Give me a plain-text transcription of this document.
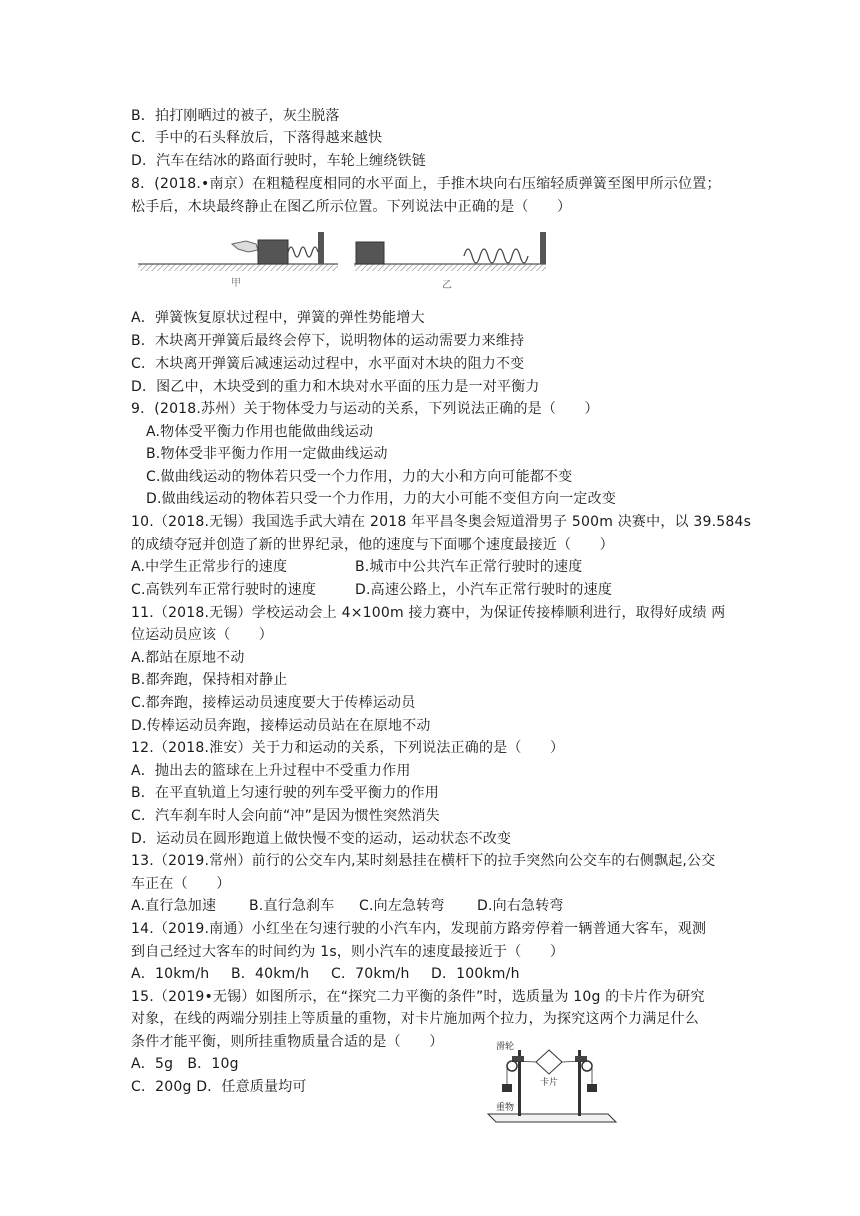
B．拍打刚晒过的被子，灰尘脱落
C．手中的石头释放后，下落得越来越快
D．汽车在结冰的路面行驶时，车轮上缠绕铁链
8．(2018.•南京）在粗糙程度相同的水平面上，手推木块向右压缩轻质弹簧至图甲所示位置；
松手后，木块最终静止在图乙所示位置。下列说法中正确的是（　　）
甲	乙
A．弹簧恢复原状过程中，弹簧的弹性势能增大
B．木块离开弹簧后最终会停下，说明物体的运动需要力来维持
C．木块离开弹簧后减速运动过程中，水平面对木块的阻力不变
D．图乙中，木块受到的重力和木块对水平面的压力是一对平衡力
9．(2018.苏州）关于物体受力与运动的关系，下列说法正确的是（　　）
A.物体受平衡力作用也能做曲线运动
B.物体受非平衡力作用一定做曲线运动
C.做曲线运动的物体若只受一个力作用，力的大小和方向可能都不变
D.做曲线运动的物体若只受一个力作用，力的大小可能不变但方向一定改变
10.（2018.无锡）我国选手武大靖在 2018 年平昌冬奥会短道滑男子 500m 决赛中，以 39.584s
的成绩夺冠并创造了新的世界纪录，他的速度与下面哪个速度最接近（　　）
A.中学生正常步行的速度	B.城市中公共汽车正常行驶时的速度
C.高铁列车正常行驶时的速度	D.高速公路上，小汽车正常行驶时的速度
11.（2018.无锡）学校运动会上 4×100m 接力赛中，为保证传接棒顺利进行，取得好成绩 两
位运动员应该（　　）
A.都站在原地不动
B.都奔跑，保持相对静止
C.都奔跑，接棒运动员速度要大于传棒运动员
D.传棒运动员奔跑，接棒运动员站在在原地不动
12.（2018.淮安）关于力和运动的关系，下列说法正确的是（　　）
A．抛出去的篮球在上升过程中不受重力作用
B．在平直轨道上匀速行驶的列车受平衡力的作用
C．汽车刹车时人会向前“冲”是因为惯性突然消失
D．运动员在圆形跑道上做快慢不变的运动，运动状态不改变
13.（2019.常州）前行的公交车内,某时刻悬挂在横杆下的拉手突然向公交车的右侧飘起,公交
车正在（　　）
A.直行急加速 B.直行急刹车 C.向左急转弯 D.向右急转弯
14.（2019.南通）小红坐在匀速行驶的小汽车内，发现前方路旁停着一辆普通大客车，观测
到自己经过大客车的时间约为 1s，则小汽车的速度最接近于（　　）
A．10km/h B．40km/h C．70km/h D．100km/h
15.（2019•无锡）如图所示，在“探究二力平衡的条件”时，选质量为 10g 的卡片作为研究
对象，在线的两端分别挂上等质量的重物，对卡片施加两个拉力，为探究这两个力满足什么
条件才能平衡，则所挂重物质量合适的是（　　）
A．5g　B．10g
C．200g D．任意质量均可
滑轮
卡片
重物
